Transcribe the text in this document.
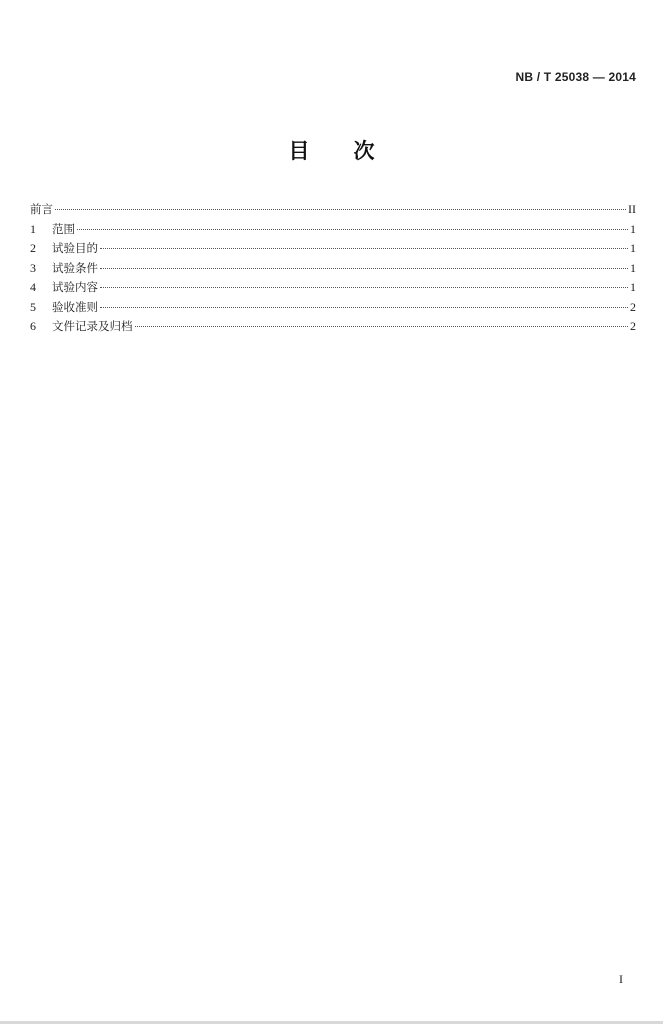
NB / T 25038 — 2014
目 次
前言	II
1	范围	1
2	试验目的	1
3	试验条件	1
4	试验内容	1
5	验收准则	2
6	文件记录及归档	2
I
